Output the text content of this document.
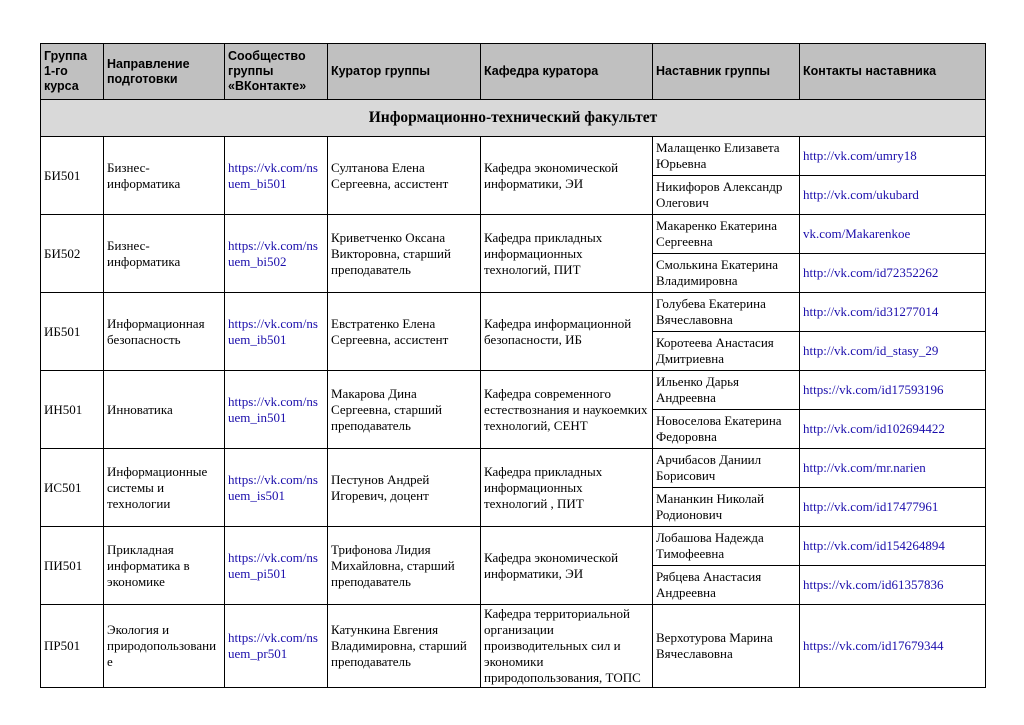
Группа 1-го курса	Направление подготовки	Сообщество группы «ВКонтакте»	Куратор группы	Кафедра куратора	Наставник группы	Контакты наставника
Информационно-технический факультет						
БИ501	Бизнес-информатика	https://vk.com/nsuem_bi501	Султанова Елена Сергеевна, ассистент	Кафедра экономической информатики, ЭИ	Малащенко Елизавета Юрьевна	http://vk.com/umry18
					Никифоров Александр Олегович	http://vk.com/ukubard
БИ502	Бизнес-информатика	https://vk.com/nsuem_bi502	Криветченко Оксана Викторовна, старший преподаватель	Кафедра прикладных информационных технологий, ПИТ	Макаренко Екатерина Сергеевна	vk.com/Makarenkoe
					Смолькина Екатерина Владимировна	http://vk.com/id72352262
ИБ501	Информационная безопасность	https://vk.com/nsuem_ib501	Евстратенко Елена Сергеевна, ассистент	Кафедра информационной безопасности, ИБ	Голубева Екатерина Вячеславовна	http://vk.com/id31277014
					Коротеева Анастасия Дмитриевна	http://vk.com/id_stasy_29
ИН501	Инноватика	https://vk.com/nsuem_in501	Макарова Дина Сергеевна, старший преподаватель	Кафедра современного естествознания и наукоемких технологий, СЕНТ	Ильенко Дарья Андреевна	https://vk.com/id17593196
					Новоселова Екатерина Федоровна	http://vk.com/id102694422
ИС501	Информационные системы и технологии	https://vk.com/nsuem_is501	Пестунов Андрей Игоревич, доцент	Кафедра прикладных информационных технологий , ПИТ	Арчибасов Даниил Борисович	http://vk.com/mr.narien
					Мананкин Николай Родионович	http://vk.com/id17477961
ПИ501	Прикладная информатика в экономике	https://vk.com/nsuem_pi501	Трифонова Лидия Михайловна, старший преподаватель	Кафедра экономической информатики, ЭИ	Лобашова Надежда Тимофеевна	http://vk.com/id154264894
					Рябцева Анастасия Андреевна	https://vk.com/id61357836
ПР501	Экология и природопользование	https://vk.com/nsuem_pr501	Катункина Евгения Владимировна, старший преподаватель	Кафедра территориальной организации производительных сил и экономики природопользования, ТОПС	Верхотурова Марина Вячеславовна	https://vk.com/id17679344
